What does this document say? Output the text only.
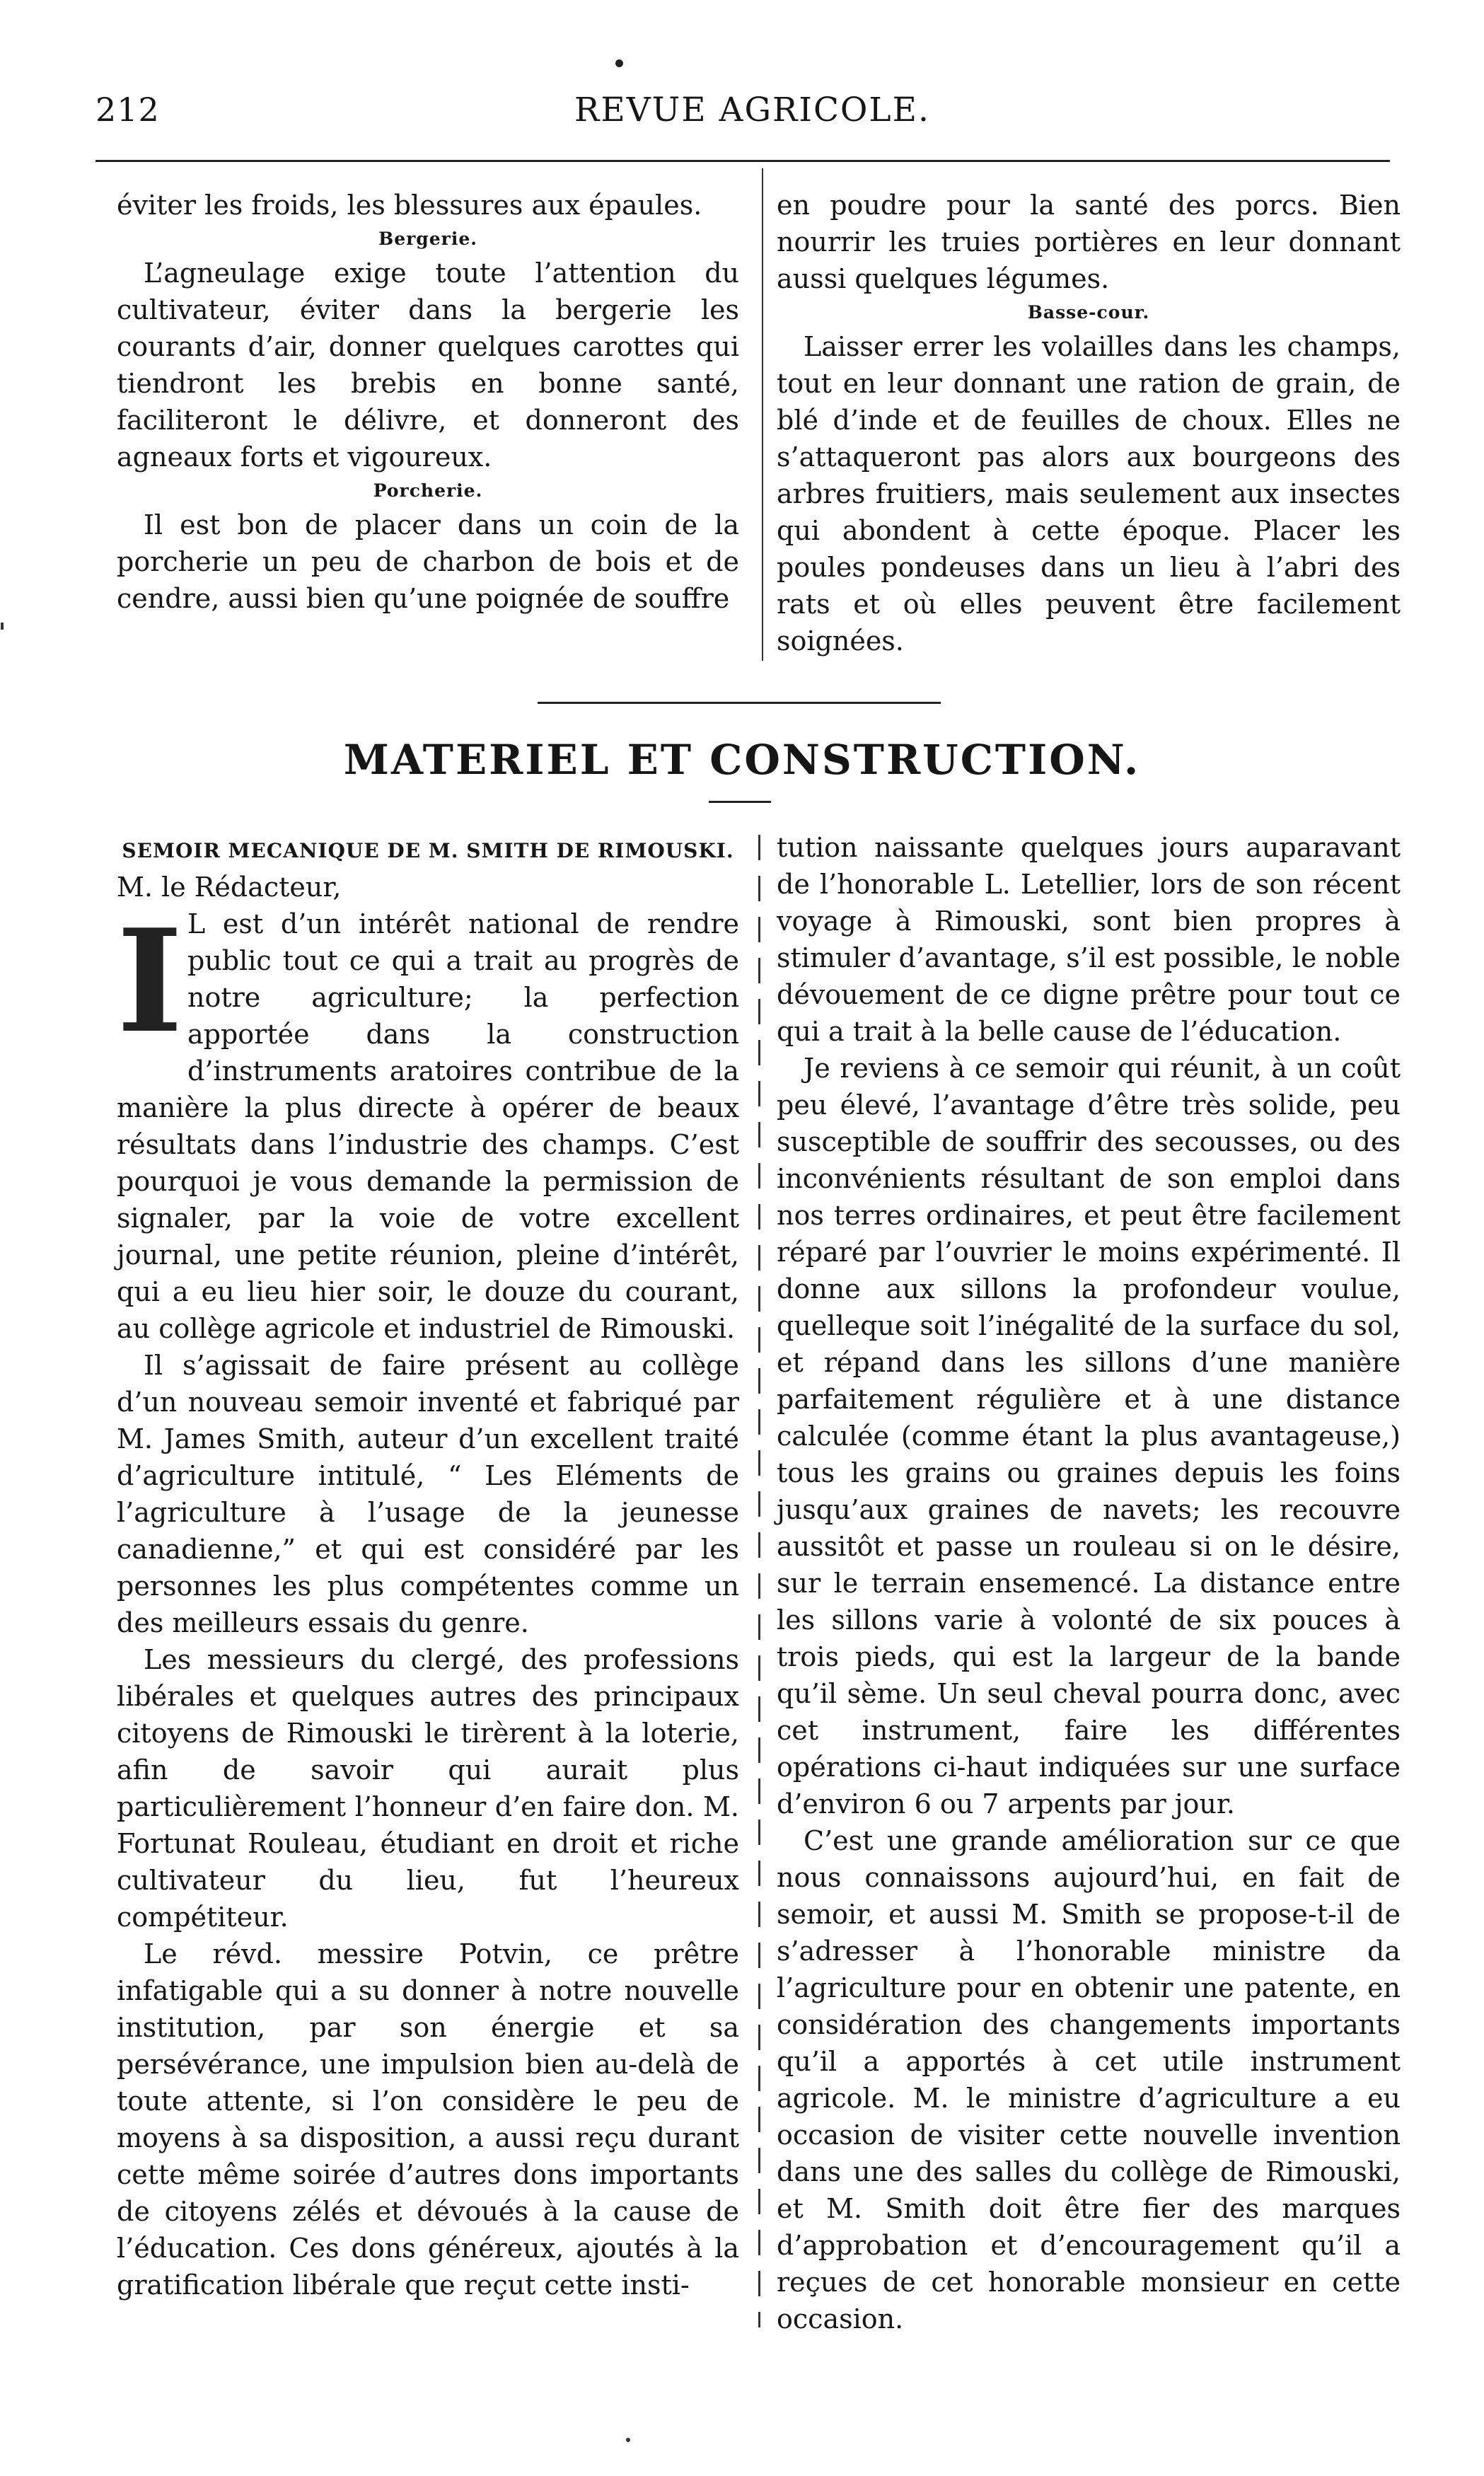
212	REVUE AGRICOLE.

éviter les froids, les blessures aux épaules.

Bergerie.

L’agneulage exige toute l’attention du cultivateur, éviter dans la bergerie les courants d’air, donner quelques carottes qui tiendront les brebis en bonne santé, faciliteront le délivre, et donneront des agneaux forts et vigoureux.

Porcherie.

Il est bon de placer dans un coin de la porcherie un peu de charbon de bois et de cendre, aussi bien qu’une poignée de souffre

en poudre pour la santé des porcs. Bien nourrir les truies portières en leur donnant aussi quelques légumes.

Basse-cour.

Laisser errer les volailles dans les champs, tout en leur donnant une ration de grain, de blé d’inde et de feuilles de choux. Elles ne s’attaqueront pas alors aux bourgeons des arbres fruitiers, mais seulement aux insectes qui abondent à cette époque. Placer les poules pondeuses dans un lieu à l’abri des rats et où elles peuvent être facilement soignées.

MATERIEL ET CONSTRUCTION.
SEMOIR MECANIQUE DE M. SMITH DE RIMOUSKI.

M. le Rédacteur,

I L est d’un intérêt national de rendre public tout ce qui a trait au progrès de notre agriculture; la perfection apportée dans la construction d’instruments aratoires contribue de la manière la plus directe à opérer de beaux résultats dans l’industrie des champs. C’est pourquoi je vous demande la permission de signaler, par la voie de votre excellent journal, une petite réunion, pleine d’intérêt, qui a eu lieu hier soir, le douze du courant, au collège agricole et industriel de Rimouski.

Il s’agissait de faire présent au collège d’un nouveau semoir inventé et fabriqué par M. James Smith, auteur d’un excellent traité d’agriculture intitulé, “ Les Eléments de l’agriculture à l’usage de la jeunesse canadienne,” et qui est considéré par les personnes les plus compétentes comme un des meilleurs essais du genre.

Les messieurs du clergé, des professions libérales et quelques autres des principaux citoyens de Rimouski le tirèrent à la loterie, afin de savoir qui aurait plus particulièrement l’honneur d’en faire don. M. Fortunat Rouleau, étudiant en droit et riche cultivateur du lieu, fut l’heureux compétiteur.

Le révd. messire Potvin, ce prêtre infatigable qui a su donner à notre nouvelle institution, par son énergie et sa persévérance, une impulsion bien au-delà de toute attente, si l’on considère le peu de moyens à sa disposition, a aussi reçu durant cette même soirée d’autres dons importants de citoyens zélés et dévoués à la cause de l’éducation. Ces dons généreux, ajoutés à la gratification libérale que reçut cette insti-

tution naissante quelques jours auparavant de l’honorable L. Letellier, lors de son récent voyage à Rimouski, sont bien propres à stimuler d’avantage, s’il est possible, le noble dévouement de ce digne prêtre pour tout ce qui a trait à la belle cause de l’éducation.

Je reviens à ce semoir qui réunit, à un coût peu élevé, l’avantage d’être très solide, peu susceptible de souffrir des secousses, ou des inconvénients résultant de son emploi dans nos terres ordinaires, et peut être facilement réparé par l’ouvrier le moins expérimenté. Il donne aux sillons la profondeur voulue, quelleque soit l’inégalité de la surface du sol, et répand dans les sillons d’une manière parfaitement régulière et à une distance calculée (comme étant la plus avantageuse,) tous les grains ou graines depuis les foins jusqu’aux graines de navets; les recouvre aussitôt et passe un rouleau si on le désire, sur le terrain ensemencé. La distance entre les sillons varie à volonté de six pouces à trois pieds, qui est la largeur de la bande qu’il sème. Un seul cheval pourra donc, avec cet instrument, faire les différentes opérations ci-haut indiquées sur une surface d’environ 6 ou 7 arpents par jour.

C’est une grande amélioration sur ce que nous connaissons aujourd’hui, en fait de semoir, et aussi M. Smith se propose-t-il de s’adresser à l’honorable ministre da l’agriculture pour en obtenir une patente, en considération des changements importants qu’il a apportés à cet utile instrument agricole. M. le ministre d’agriculture a eu occasion de visiter cette nouvelle invention dans une des salles du collège de Rimouski, et M. Smith doit être fier des marques d’approbation et d’encouragement qu’il a reçues de cet honorable monsieur en cette occasion.
